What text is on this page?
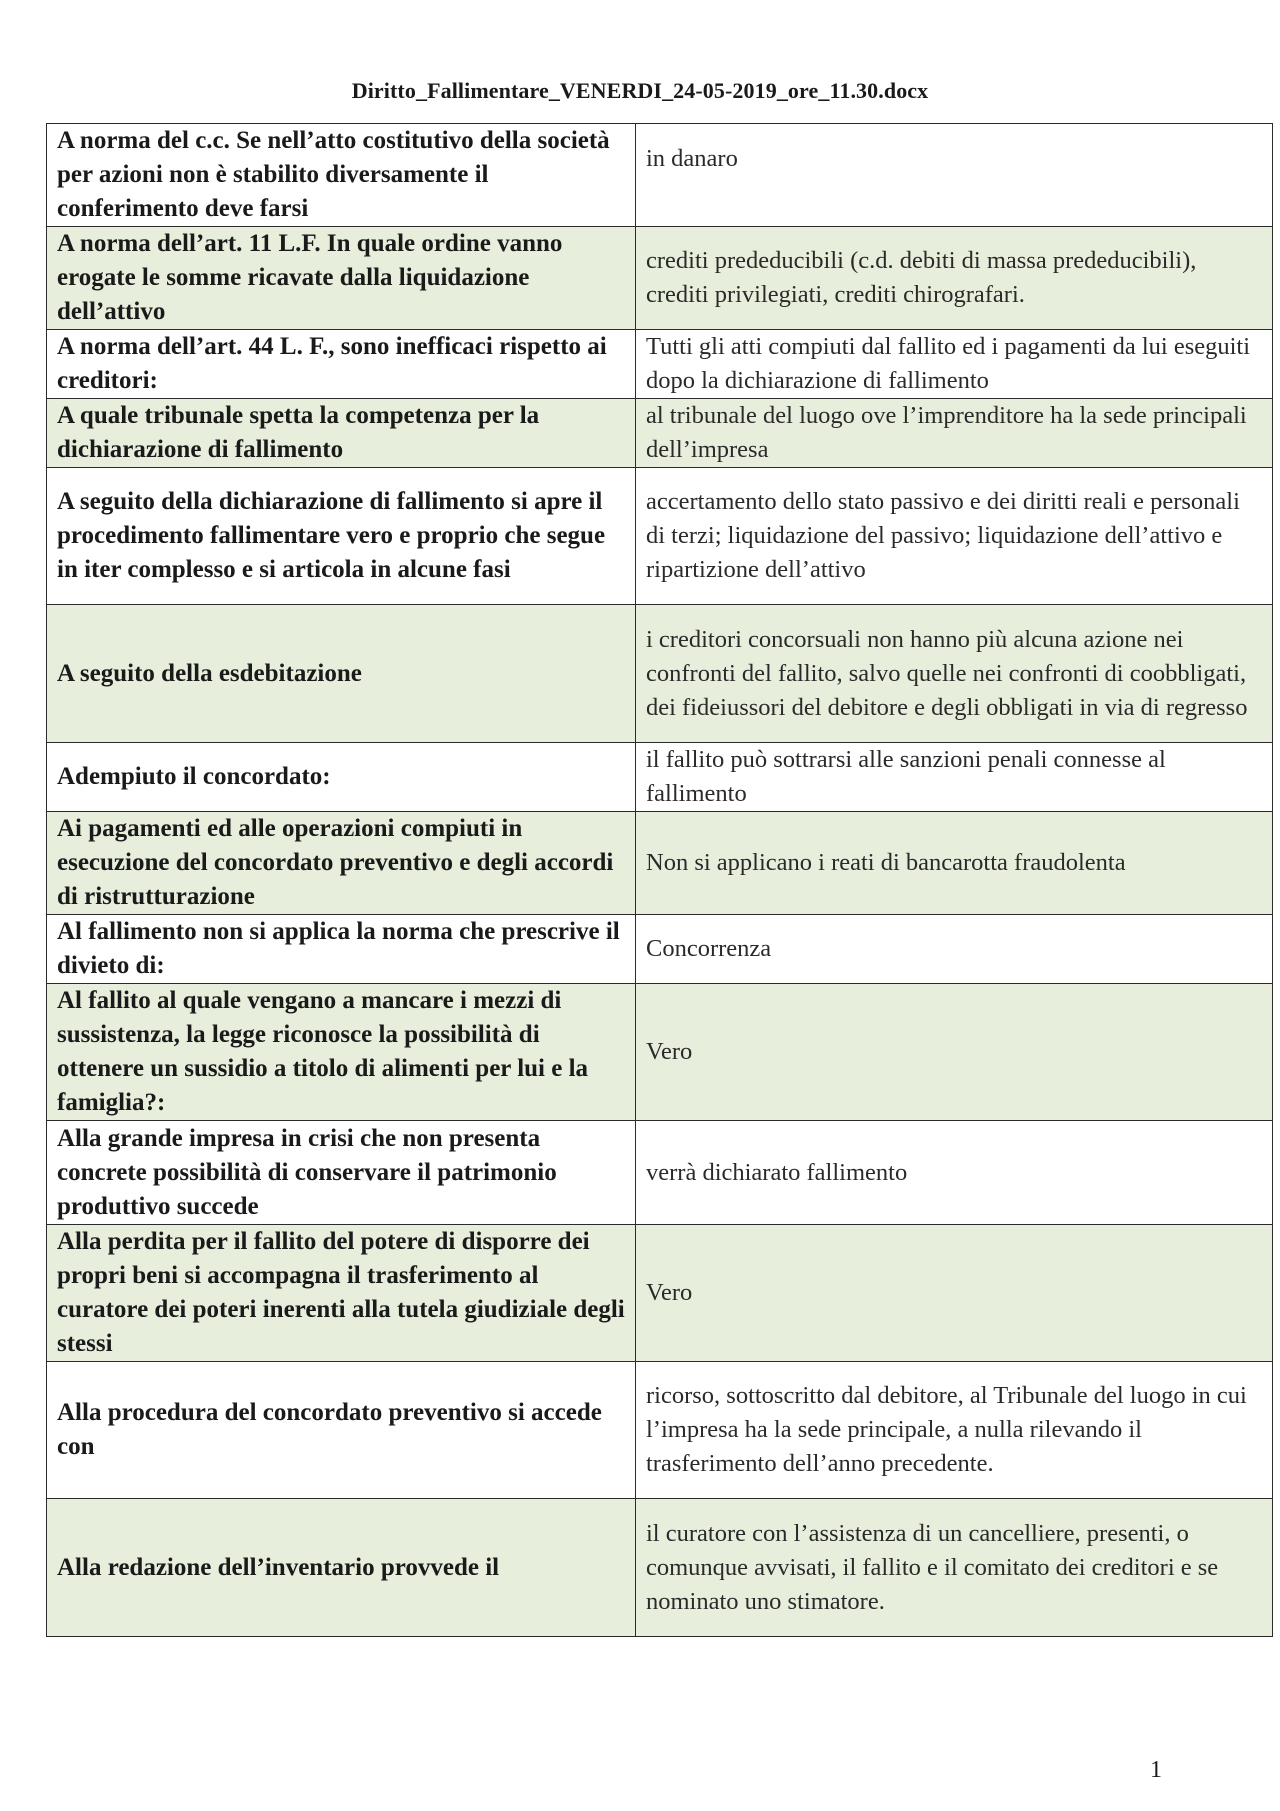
Diritto_Fallimentare_VENERDI_24-05-2019_ore_11.30.docx
A norma del c.c. Se nell’atto costitutivo della società per azioni non è stabilito diversamente il conferimento deve farsi	in danaro
A norma dell’art. 11 L.F. In quale ordine vanno erogate le somme ricavate dalla liquidazione dell’attivo	crediti prededucibili (c.d. debiti di massa prededucibili), crediti privilegiati, crediti chirografari.
A norma dell’art. 44 L. F., sono inefficaci rispetto ai creditori:	Tutti gli atti compiuti dal fallito ed i pagamenti da lui eseguiti dopo la dichiarazione di fallimento
A quale tribunale spetta la competenza per la dichiarazione di fallimento	al tribunale del luogo ove l’imprenditore ha la sede principali dell’impresa
A seguito della dichiarazione di fallimento si apre il procedimento fallimentare vero e proprio che segue in iter complesso e si articola in alcune fasi	accertamento dello stato passivo e dei diritti reali e personali di terzi; liquidazione del passivo; liquidazione dell’attivo e ripartizione dell’attivo
A seguito della esdebitazione	i creditori concorsuali non hanno più alcuna azione nei confronti del fallito, salvo quelle nei confronti di coobbligati, dei fideiussori del debitore e degli obbligati in via di regresso
Adempiuto il concordato:	il fallito può sottrarsi alle sanzioni penali connesse al fallimento
Ai pagamenti ed alle operazioni compiuti in esecuzione del concordato preventivo e degli accordi di ristrutturazione	Non si applicano i reati di bancarotta fraudolenta
Al fallimento non si applica la norma che prescrive il divieto di:	Concorrenza
Al fallito al quale vengano a mancare i mezzi di sussistenza, la legge riconosce la possibilità di ottenere un sussidio a titolo di alimenti per lui e la famiglia?:	Vero
Alla grande impresa in crisi che non presenta concrete possibilità di conservare il patrimonio produttivo succede	verrà dichiarato fallimento
Alla perdita per il fallito del potere di disporre dei propri beni si accompagna il trasferimento al curatore dei poteri inerenti alla tutela giudiziale degli stessi	Vero
Alla procedura del concordato preventivo si accede con	ricorso, sottoscritto dal debitore, al Tribunale del luogo in cui l’impresa ha la sede principale, a nulla rilevando il trasferimento dell’anno precedente.
Alla redazione dell’inventario provvede il	il curatore con l’assistenza di un cancelliere, presenti, o comunque avvisati, il fallito e il comitato dei creditori e se nominato uno stimatore.
1
